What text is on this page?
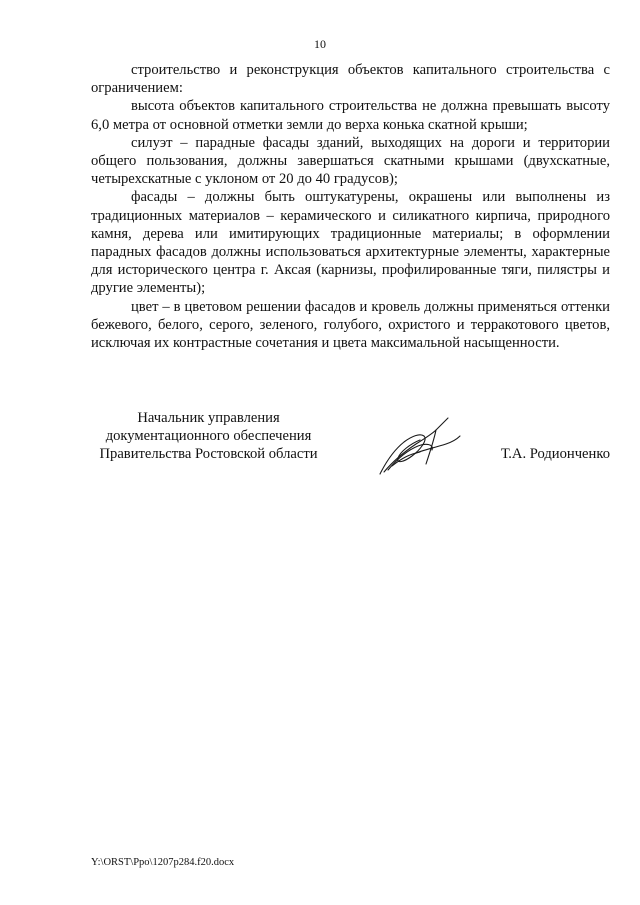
10

строительство и реконструкция объектов капитального строительства с ограничением:

высота объектов капитального строительства не должна превышать высоту 6,0 метра от основной отметки земли до верха конька скатной крыши;

силуэт – парадные фасады зданий, выходящих на дороги и территории общего пользования, должны завершаться скатными крышами (двухскатные, четырехскатные с уклоном от 20 до 40 градусов);

фасады – должны быть оштукатурены, окрашены или выполнены из традиционных материалов – керамического и силикатного кирпича, природного камня, дерева или имитирующих традиционные материалы; в оформлении парадных фасадов должны использоваться архитектурные элементы, характерные для исторического центра г. Аксая (карнизы, профилированные тяги, пилястры и другие элементы);

цвет – в цветовом решении фасадов и кровель должны применяться оттенки бежевого, белого, серого, зеленого, голубого, охристого и терракотового цветов, исключая их контрастные сочетания и цвета максимальной насыщенности.

Начальник управления
документационного обеспечения
Правительства Ростовской области	Т.А. Родионченко
Y:\ORST\Ppo\1207p284.f20.docx
